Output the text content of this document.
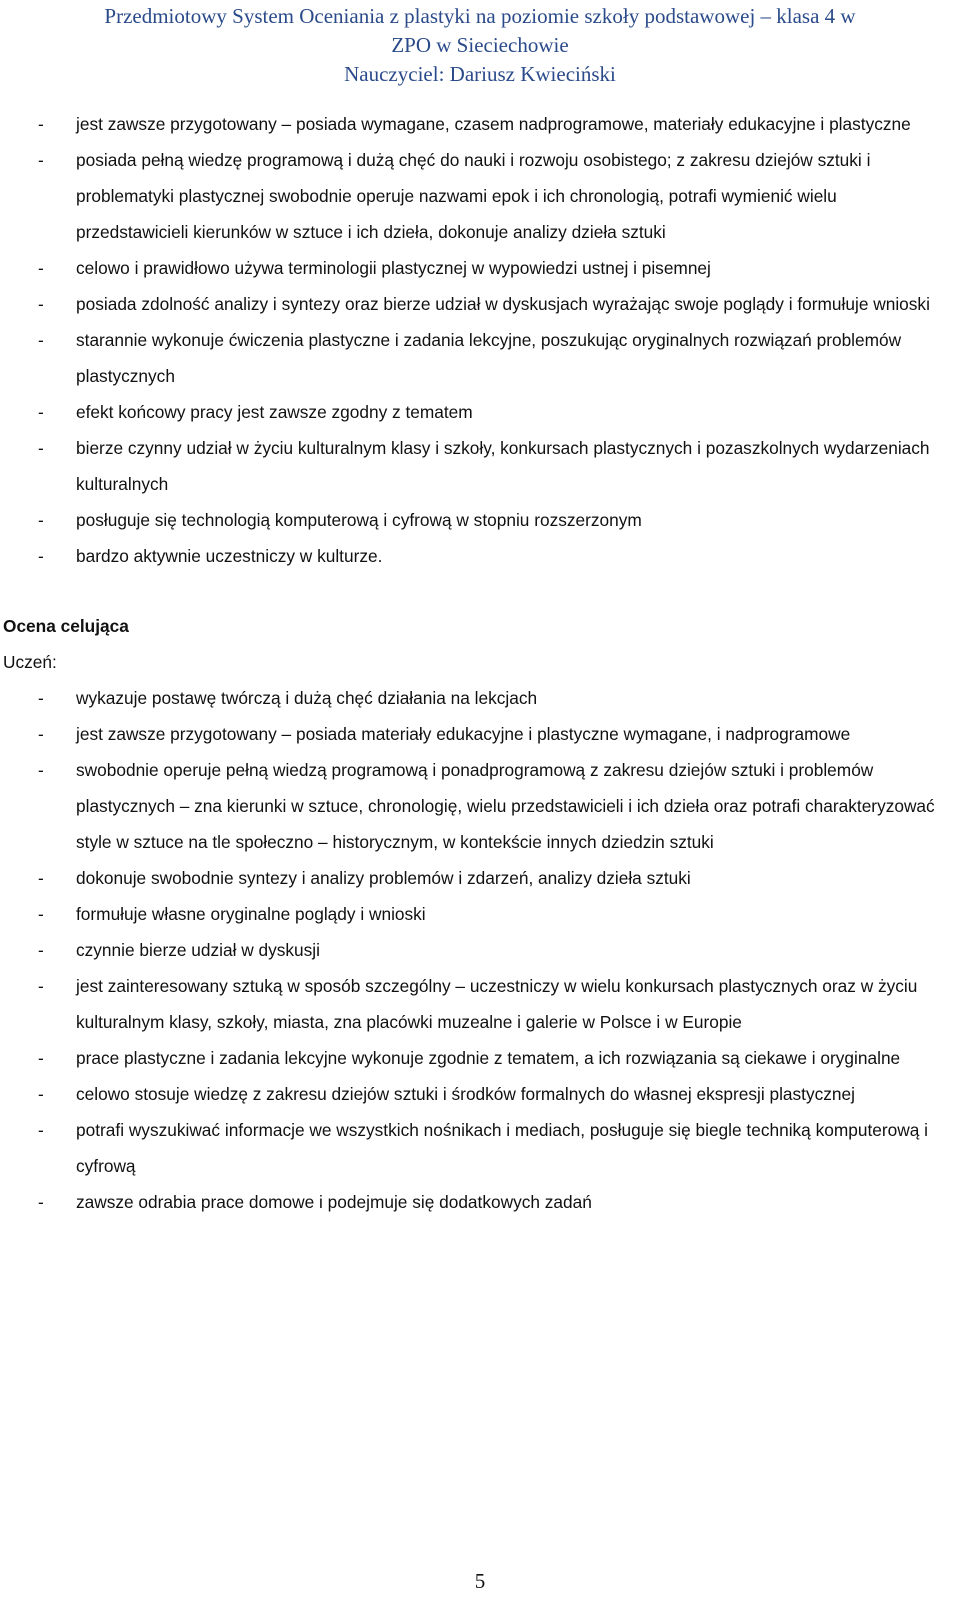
Przedmiotowy System Oceniania z plastyki na poziomie szkoły podstawowej – klasa 4 w
ZPO w Sieciechowie
Nauczyciel: Dariusz Kwieciński
- jest zawsze przygotowany – posiada wymagane, czasem nadprogramowe, materiały edukacyjne i plastyczne
- posiada pełną wiedzę programową i dużą chęć do nauki i rozwoju osobistego; z zakresu dziejów sztuki i problematyki plastycznej swobodnie operuje nazwami epok i ich chronologią, potrafi wymienić wielu przedstawicieli kierunków w sztuce i ich dzieła, dokonuje analizy dzieła sztuki
- celowo i prawidłowo używa terminologii plastycznej w wypowiedzi ustnej i pisemnej
- posiada zdolność analizy i syntezy oraz bierze udział w dyskusjach wyrażając swoje poglądy i formułuje wnioski
- starannie wykonuje ćwiczenia plastyczne i zadania lekcyjne, poszukując oryginalnych rozwiązań problemów plastycznych
- efekt końcowy pracy jest zawsze zgodny z tematem
- bierze czynny udział w życiu kulturalnym klasy i szkoły, konkursach plastycznych i pozaszkolnych wydarzeniach kulturalnych
- posługuje się technologią komputerową i cyfrową w stopniu rozszerzonym
- bardzo aktywnie uczestniczy w kulturze.
Ocena celująca
Uczeń:
- wykazuje postawę twórczą i dużą chęć działania na lekcjach
- jest zawsze przygotowany – posiada materiały edukacyjne i plastyczne wymagane, i nadprogramowe
- swobodnie operuje pełną wiedzą programową i ponadprogramową z zakresu dziejów sztuki i problemów plastycznych – zna kierunki w sztuce, chronologię, wielu przedstawicieli i ich dzieła oraz potrafi charakteryzować style w sztuce na tle społeczno – historycznym, w kontekście innych dziedzin sztuki
- dokonuje swobodnie syntezy i analizy problemów i zdarzeń, analizy dzieła sztuki
- formułuje własne oryginalne poglądy i wnioski
- czynnie bierze udział w dyskusji
- jest zainteresowany sztuką w sposób szczególny – uczestniczy w wielu konkursach plastycznych oraz w życiu kulturalnym klasy, szkoły, miasta, zna placówki muzealne i galerie w Polsce i w Europie
- prace plastyczne i zadania lekcyjne wykonuje zgodnie z tematem, a ich rozwiązania są ciekawe i oryginalne
- celowo stosuje wiedzę z zakresu dziejów sztuki i środków formalnych do własnej ekspresji plastycznej
- potrafi wyszukiwać informacje we wszystkich nośnikach i mediach, posługuje się biegle techniką komputerową i cyfrową
- zawsze odrabia prace domowe i podejmuje się dodatkowych zadań
5
